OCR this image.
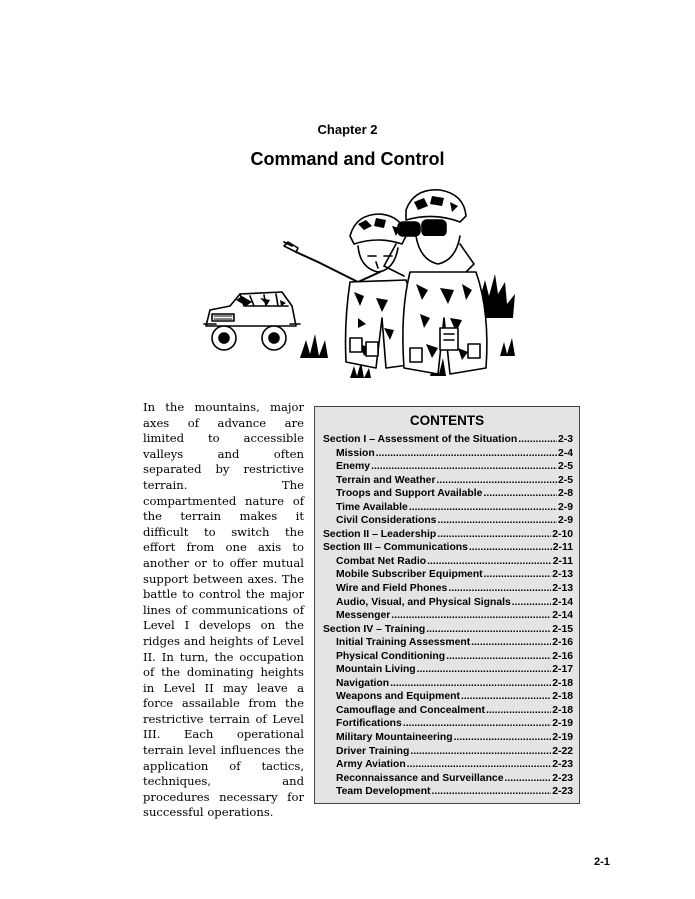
Chapter 2
Command and Control
In the mountains, major axes of advance are limited to accessible valleys and often separated by restrictive terrain. The compartmented nature of the terrain makes it difficult to switch the effort from one axis to another or to offer mutual support between axes. The battle to control the major lines of communications of Level I develops on the ridges and heights of Level II. In turn, the occupation of the dominating heights in Level II may leave a force assailable from the restrictive terrain of Level III. Each operational terrain level influences the application of tactics, techniques, and procedures necessary for successful operations.
CONTENTS
Section I – Assessment of the Situation .....	2-3
Mission .....	2-4
Enemy .....	2-5
Terrain and Weather .....	2-5
Troops and Support Available .....	2-8
Time Available .....	2-9
Civil Considerations .....	2-9
Section II – Leadership .....	2-10
Section III – Communications .....	2-11
Combat Net Radio .....	2-11
Mobile Subscriber Equipment .....	2-13
Wire and Field Phones .....	2-13
Audio, Visual, and Physical Signals .....	2-14
Messenger .....	2-14
Section IV – Training .....	2-15
Initial Training Assessment .....	2-16
Physical Conditioning .....	2-16
Mountain Living .....	2-17
Navigation .....	2-18
Weapons and Equipment .....	2-18
Camouflage and Concealment .....	2-18
Fortifications .....	2-19
Military Mountaineering .....	2-19
Driver Training .....	2-22
Army Aviation .....	2-23
Reconnaissance and Surveillance .....	2-23
Team Development .....	2-23
2-1
